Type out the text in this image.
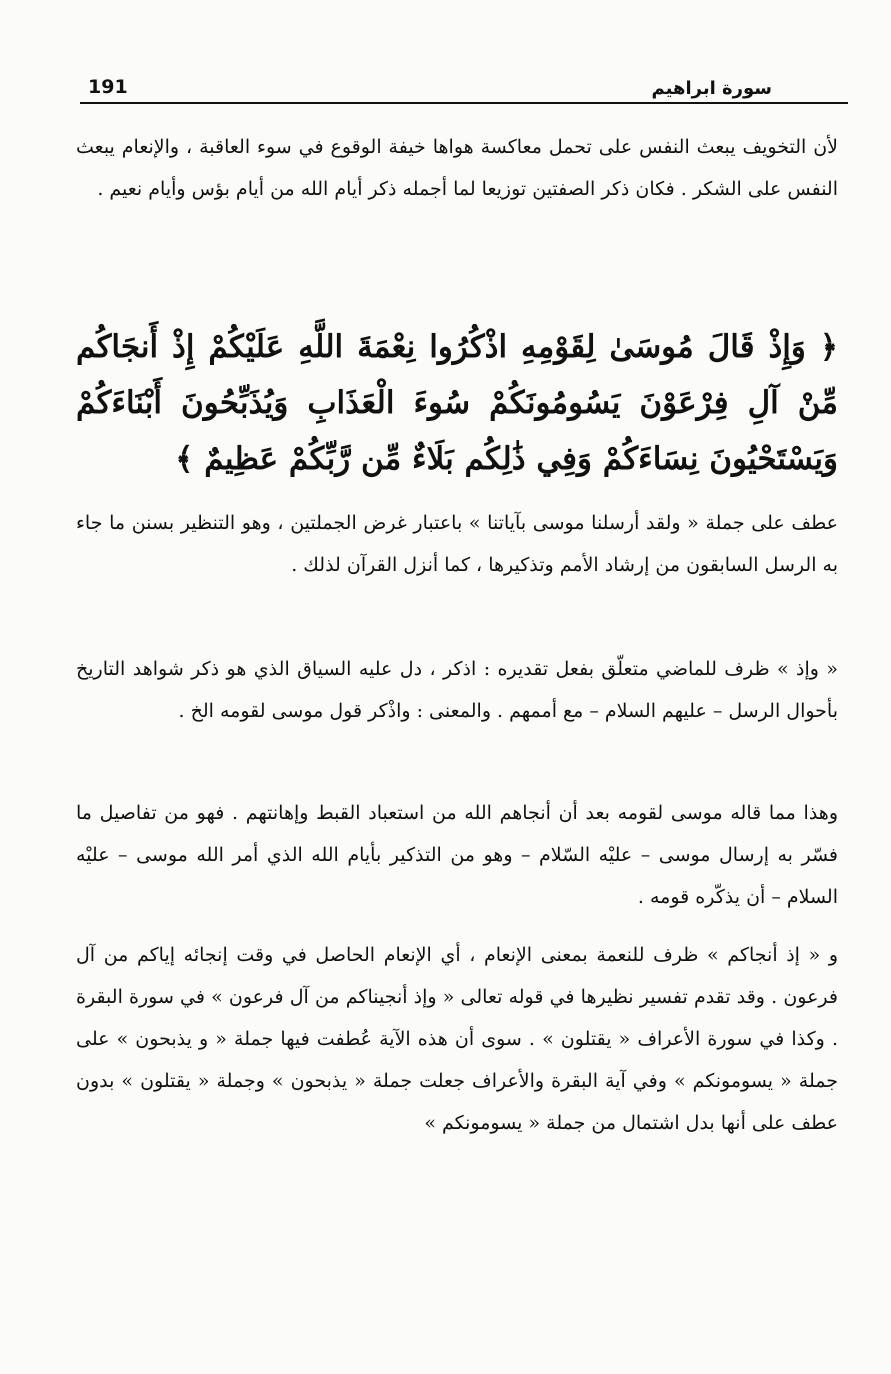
191	سورة ابراهيم

لأن التخويف يبعث النفس على تحمل معاكسة هواها خيفة الوقوع في سوء العاقبة ، والإنعام يبعث النفس على الشكر . فكان ذكر الصفتين توزيعا لما أجمله ذكر أيام الله من أيام بؤس وأيام نعيم .

﴿ وَإِذْ قَالَ مُوسَىٰ لِقَوْمِهِ اذْكُرُوا نِعْمَةَ اللَّهِ عَلَيْكُمْ إِذْ أَنجَاكُم مِّنْ آلِ فِرْعَوْنَ يَسُومُونَكُمْ سُوءَ الْعَذَابِ وَيُذَبِّحُونَ أَبْنَاءَكُمْ وَيَسْتَحْيُونَ نِسَاءَكُمْ وَفِي ذَٰلِكُم بَلَاءٌ مِّن رَّبِّكُمْ عَظِيمٌ ﴾

عطف على جملة « ولقد أرسلنا موسى بآياتنا » باعتبار غرض الجملتين ، وهو التنظير بسنن ما جاء به الرسل السابقون من إرشاد الأمم وتذكيرها ، كما أنزل القرآن لذلك .

« وإذ » ظرف للماضي متعلّق بفعل تقديره : اذكر ، دل عليه السياق الذي هو ذكر شواهد التاريخ بأحوال الرسل – عليهم السلام – مع أممهم . والمعنى : واذْكر قول موسى لقومه الخ .

وهذا مما قاله موسى لقومه بعد أن أنجاهم الله من استعباد القبط وإهانتهم . فهو من تفاصيل ما فسّر به إرسال موسى – عليْه السّلام – وهو من التذكير بأيام الله الذي أمر الله موسى – عليْه السلام – أن يذكّره قومه .

و « إذ أنجاكم » ظرف للنعمة بمعنى الإنعام ، أي الإنعام الحاصل في وقت إنجائه إياكم من آل فرعون . وقد تقدم تفسير نظيرها في قوله تعالى « وإذ أنجيناكم من آل فرعون » في سورة البقرة . وكذا في سورة الأعراف « يقتلون » . سوى أن هذه الآية عُطفت فيها جملة « و يذبحون » على جملة « يسومونكم » وفي آية البقرة والأعراف جعلت جملة « يذبحون » وجملة « يقتلون » بدون عطف على أنها بدل اشتمال من جملة « يسومونكم »
